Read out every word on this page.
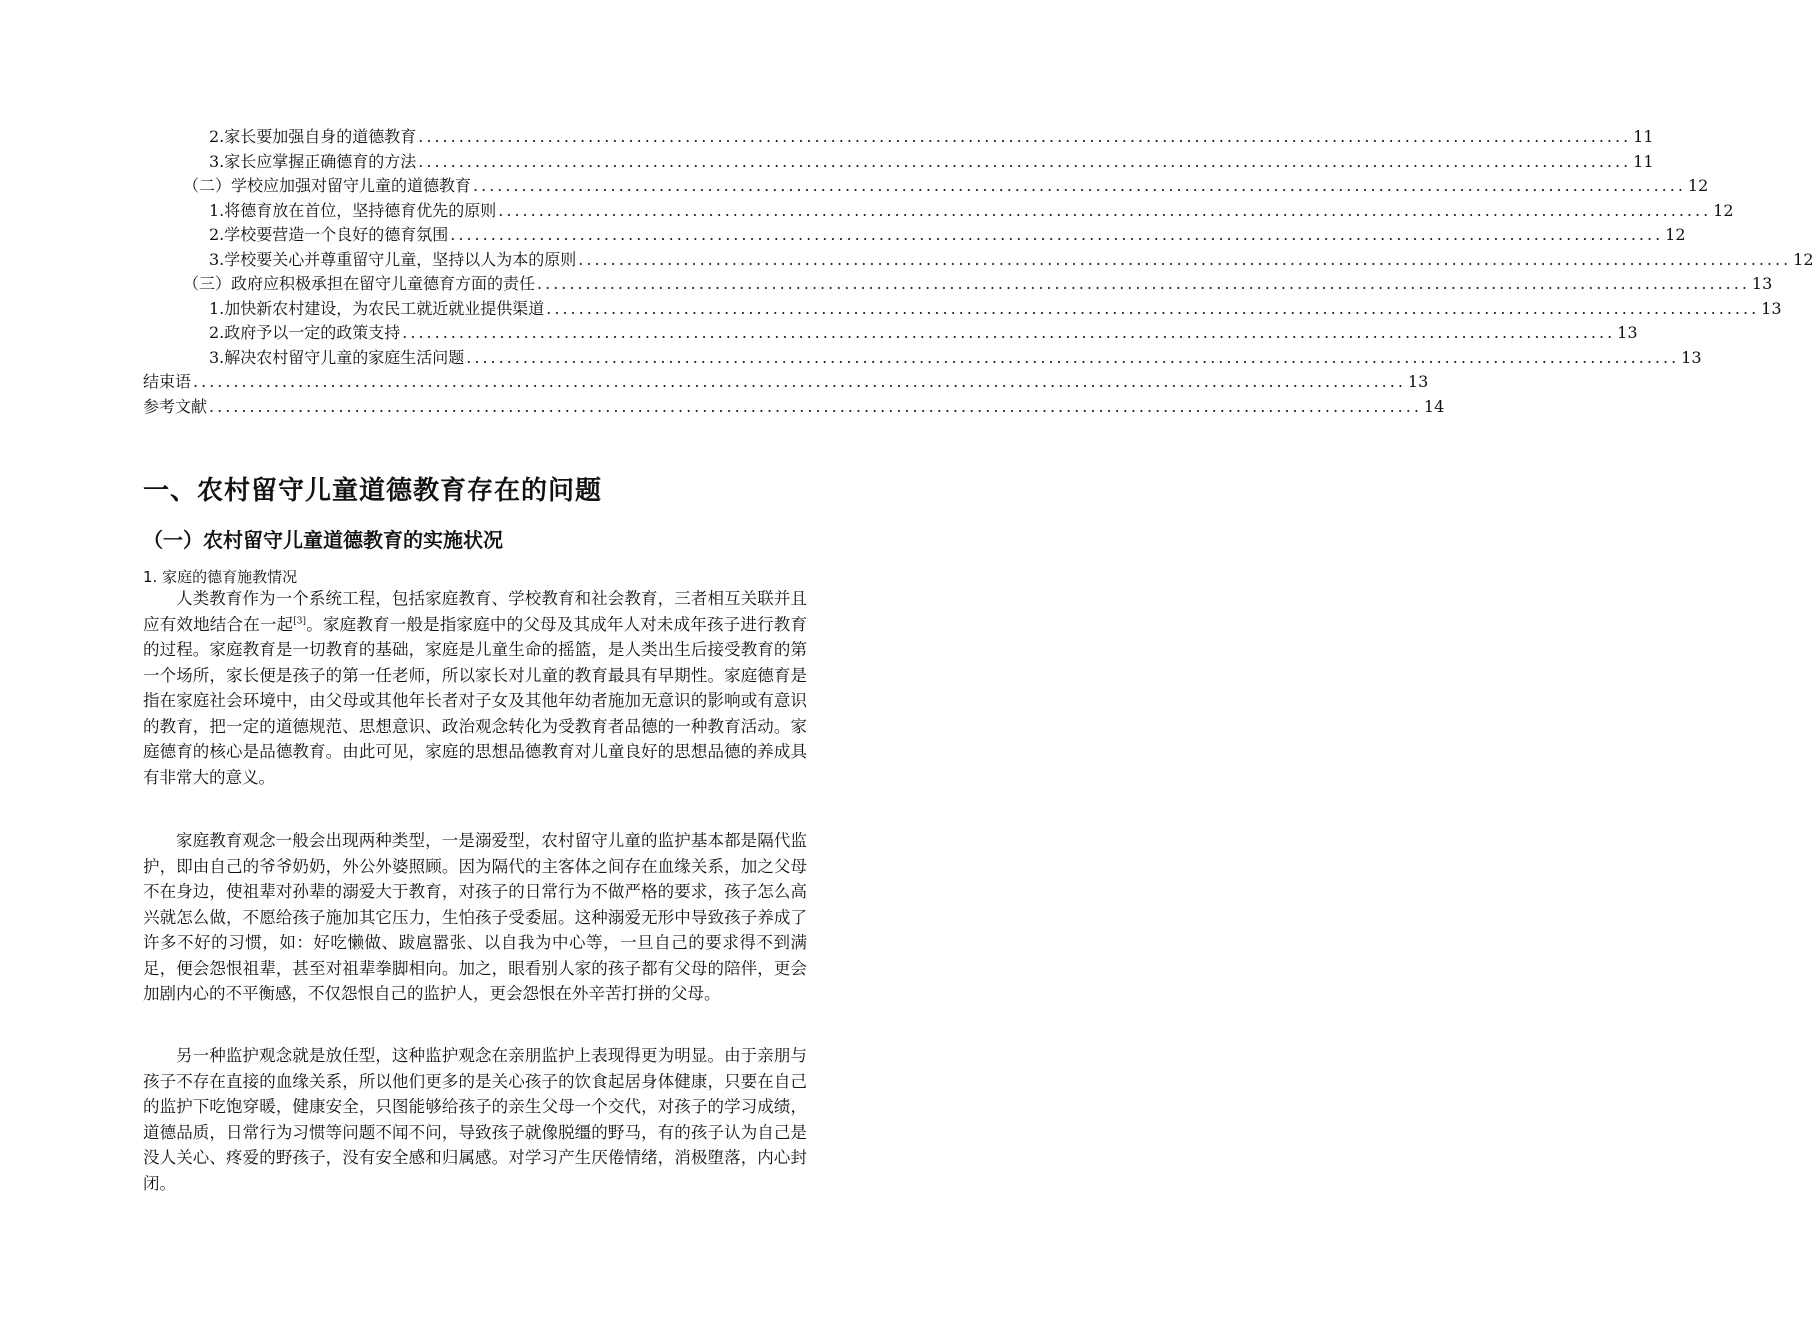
2.家长要加强自身的道德教育 ...................................................................................................................................................... 11
3.家长应掌握正确德育的方法 ...................................................................................................................................................... 11
（二）学校应加强对留守儿童的道德教育 ...................................................................................................................................................... 12
1.将德育放在首位，坚持德育优先的原则 ...................................................................................................................................................... 12
2.学校要营造一个良好的德育氛围 ...................................................................................................................................................... 12
3.学校要关心并尊重留守儿童，坚持以人为本的原则 ...................................................................................................................................................... 12
（三）政府应积极承担在留守儿童德育方面的责任 ...................................................................................................................................................... 13
1.加快新农村建设，为农民工就近就业提供渠道 ...................................................................................................................................................... 13
2.政府予以一定的政策支持 ...................................................................................................................................................... 13
3.解决农村留守儿童的家庭生活问题 ...................................................................................................................................................... 13
结束语 ...................................................................................................................................................... 13
参考文献 ...................................................................................................................................................... 14
一、农村留守儿童道德教育存在的问题
（一）农村留守儿童道德教育的实施状况
1. 家庭的德育施教情况

人类教育作为一个系统工程，包括家庭教育、学校教育和社会教育，三者相互关联并且应有效地结合在一起[3]。家庭教育一般是指家庭中的父母及其成年人对未成年孩子进行教育的过程。家庭教育是一切教育的基础，家庭是儿童生命的摇篮，是人类出生后接受教育的第一个场所，家长便是孩子的第一任老师，所以家长对儿童的教育最具有早期性。家庭德育是指在家庭社会环境中，由父母或其他年长者对子女及其他年幼者施加无意识的影响或有意识的教育，把一定的道德规范、思想意识、政治观念转化为受教育者品德的一种教育活动。家庭德育的核心是品德教育。由此可见，家庭的思想品德教育对儿童良好的思想品德的养成具有非常大的意义。

家庭教育观念一般会出现两种类型，一是溺爱型，农村留守儿童的监护基本都是隔代监护，即由自己的爷爷奶奶，外公外婆照顾。因为隔代的主客体之间存在血缘关系，加之父母不在身边，使祖辈对孙辈的溺爱大于教育，对孩子的日常行为不做严格的要求，孩子怎么高兴就怎么做，不愿给孩子施加其它压力，生怕孩子受委屈。这种溺爱无形中导致孩子养成了许多不好的习惯，如：好吃懒做、跋扈嚣张、以自我为中心等，一旦自己的要求得不到满足，便会怨恨祖辈，甚至对祖辈拳脚相向。加之，眼看别人家的孩子都有父母的陪伴，更会加剧内心的不平衡感，不仅怨恨自己的监护人，更会怨恨在外辛苦打拼的父母。

另一种监护观念就是放任型，这种监护观念在亲朋监护上表现得更为明显。由于亲朋与孩子不存在直接的血缘关系，所以他们更多的是关心孩子的饮食起居身体健康，只要在自己的监护下吃饱穿暖，健康安全，只图能够给孩子的亲生父母一个交代，对孩子的学习成绩，道德品质，日常行为习惯等问题不闻不问，导致孩子就像脱缰的野马，有的孩子认为自己是没人关心、疼爱的野孩子，没有安全感和归属感。对学习产生厌倦情绪，消极堕落，内心封闭。
